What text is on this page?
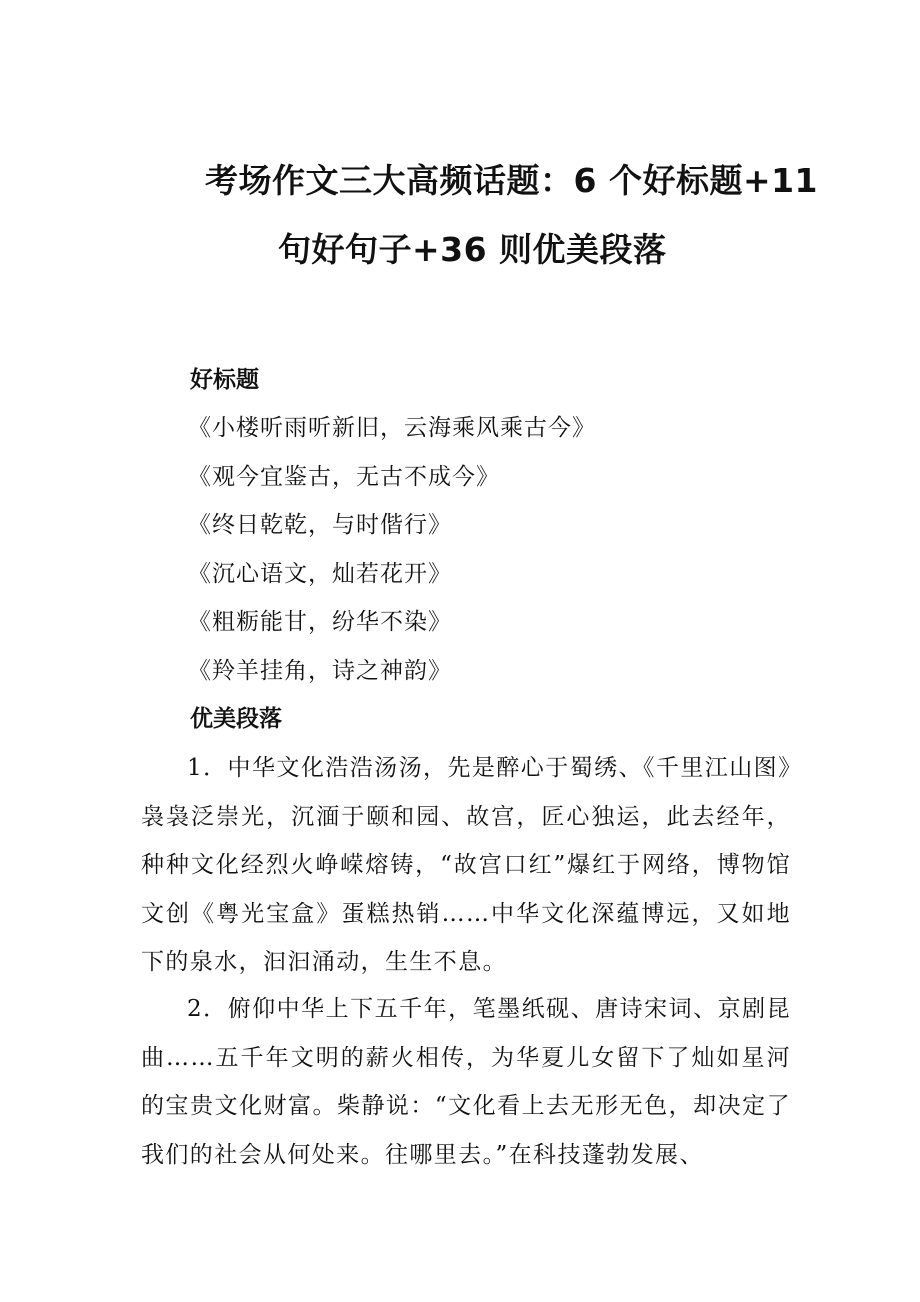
考场作文三大高频话题：6 个好标题+11
句好句子+36 则优美段落
好标题
《小楼听雨听新旧，云海乘风乘古今》
《观今宜鉴古，无古不成今》
《终日乾乾，与时偕行》
《沉心语文，灿若花开》
《粗粝能甘，纷华不染》
《羚羊挂角，诗之神韵》
优美段落

1．中华文化浩浩汤汤，先是醉心于蜀绣、《千里江山图》袅袅泛崇光，沉湎于颐和园、故宫，匠心独运，此去经年，种种文化经烈火峥嵘熔铸，“故宫口红”爆红于网络，博物馆文创《粤光宝盒》蛋糕热销……中华文化深蕴博远，又如地下的泉水，汩汩涌动，生生不息。

2．俯仰中华上下五千年，笔墨纸砚、唐诗宋词、京剧昆曲……五千年文明的薪火相传，为华夏儿女留下了灿如星河的宝贵文化财富。柴静说：“文化看上去无形无色，却决定了我们的社会从何处来。往哪里去。”在科技蓬勃发展、
